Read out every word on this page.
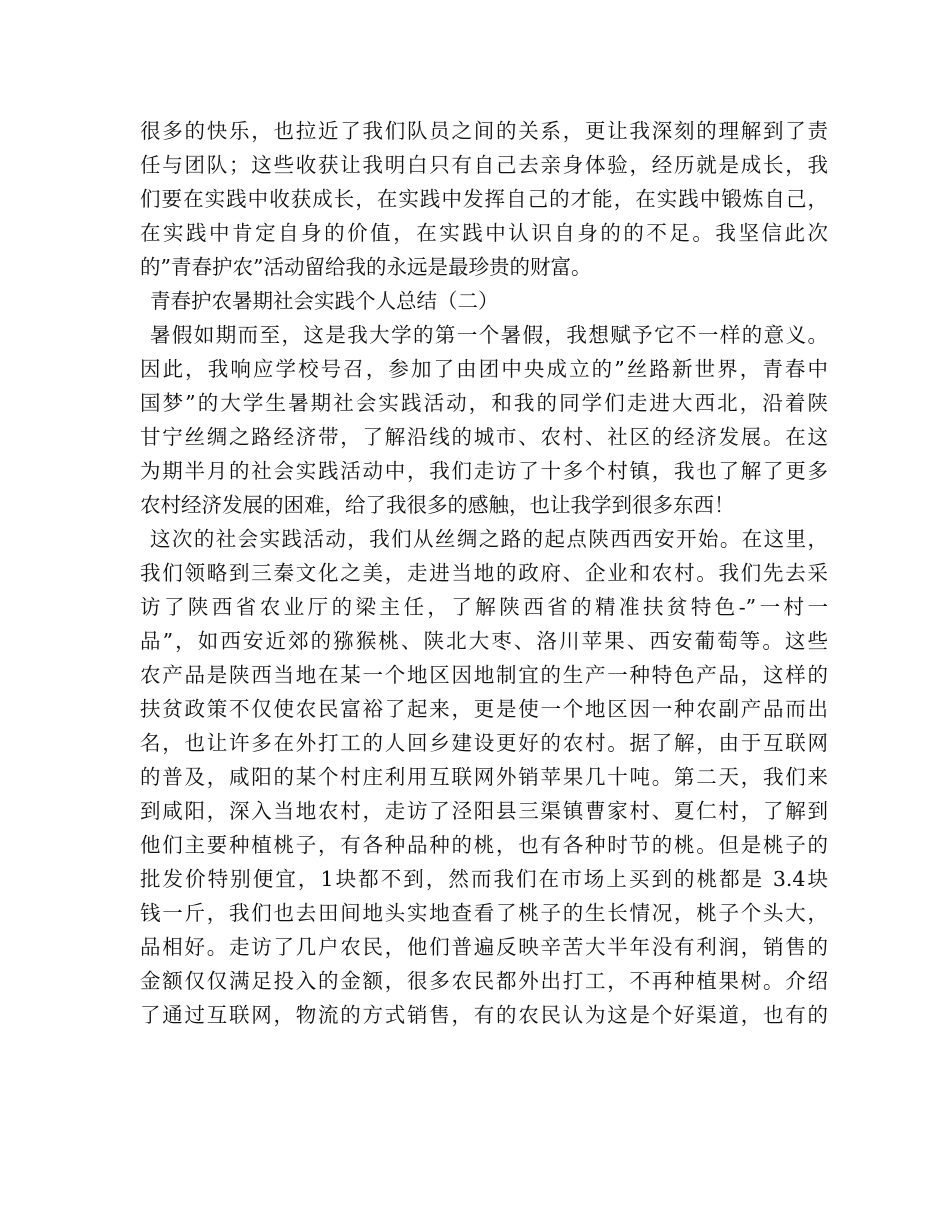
很多的快乐，也拉近了我们队员之间的关系，更让我深刻的理解到了责
任与团队；这些收获让我明白只有自己去亲身体验，经历就是成长，我
们要在实践中收获成长，在实践中发挥自己的才能，在实践中锻炼自己，
在实践中肯定自身的价值，在实践中认识自身的的不足。我坚信此次
的”青春护农”活动留给我的永远是最珍贵的财富。
青春护农暑期社会实践个人总结（二）
暑假如期而至，这是我大学的第一个暑假，我想赋予它不一样的意义。
因此，我响应学校号召，参加了由团中央成立的”丝路新世界，青春中
国梦”的大学生暑期社会实践活动，和我的同学们走进大西北，沿着陕
甘宁丝绸之路经济带，了解沿线的城市、农村、社区的经济发展。在这
为期半月的社会实践活动中，我们走访了十多个村镇，我也了解了更多
农村经济发展的困难，给了我很多的感触，也让我学到很多东西！
这次的社会实践活动，我们从丝绸之路的起点陕西西安开始。在这里，
我们领略到三秦文化之美，走进当地的政府、企业和农村。我们先去采
访了陕西省农业厅的梁主任，了解陕西省的精准扶贫特色-”一村一
品”，如西安近郊的猕猴桃、陕北大枣、洛川苹果、西安葡萄等。这些
农产品是陕西当地在某一个地区因地制宜的生产一种特色产品，这样的
扶贫政策不仅使农民富裕了起来，更是使一个地区因一种农副产品而出
名，也让许多在外打工的人回乡建设更好的农村。据了解，由于互联网
的普及，咸阳的某个村庄利用互联网外销苹果几十吨。第二天，我们来
到咸阳，深入当地农村，走访了泾阳县三渠镇曹家村、夏仁村，了解到
他们主要种植桃子，有各种品种的桃，也有各种时节的桃。但是桃子的
批发价特别便宜，1块都不到，然而我们在市场上买到的桃都是 3.4块
钱一斤，我们也去田间地头实地查看了桃子的生长情况，桃子个头大，
品相好。走访了几户农民，他们普遍反映辛苦大半年没有利润，销售的
金额仅仅满足投入的金额，很多农民都外出打工，不再种植果树。介绍
了通过互联网，物流的方式销售，有的农民认为这是个好渠道，也有的
